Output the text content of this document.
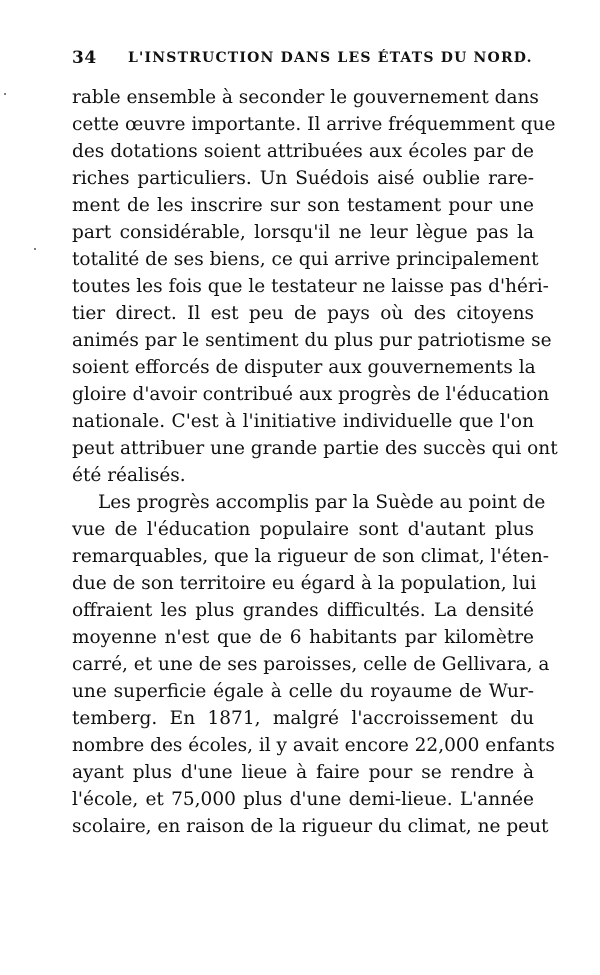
34 L'INSTRUCTION DANS LES ÉTATS DU NORD.
rable ensemble à seconder le gouvernement dans
cette œuvre importante. Il arrive fréquemment que
des dotations soient attribuées aux écoles par de
riches particuliers. Un Suédois aisé oublie rare-
ment de les inscrire sur son testament pour une
part considérable, lorsqu'il ne leur lègue pas la
totalité de ses biens, ce qui arrive principalement
toutes les fois que le testateur ne laisse pas d'héri-
tier direct. Il est peu de pays où des citoyens
animés par le sentiment du plus pur patriotisme se
soient efforcés de disputer aux gouvernements la
gloire d'avoir contribué aux progrès de l'éducation
nationale. C'est à l'initiative individuelle que l'on
peut attribuer une grande partie des succès qui ont
été réalisés.
Les progrès accomplis par la Suède au point de
vue de l'éducation populaire sont d'autant plus
remarquables, que la rigueur de son climat, l'éten-
due de son territoire eu égard à la population, lui
offraient les plus grandes difficultés. La densité
moyenne n'est que de 6 habitants par kilomètre
carré, et une de ses paroisses, celle de Gellivara, a
une superficie égale à celle du royaume de Wur-
temberg. En 1871, malgré l'accroissement du
nombre des écoles, il y avait encore 22,000 enfants
ayant plus d'une lieue à faire pour se rendre à
l'école, et 75,000 plus d'une demi-lieue. L'année
scolaire, en raison de la rigueur du climat, ne peut
